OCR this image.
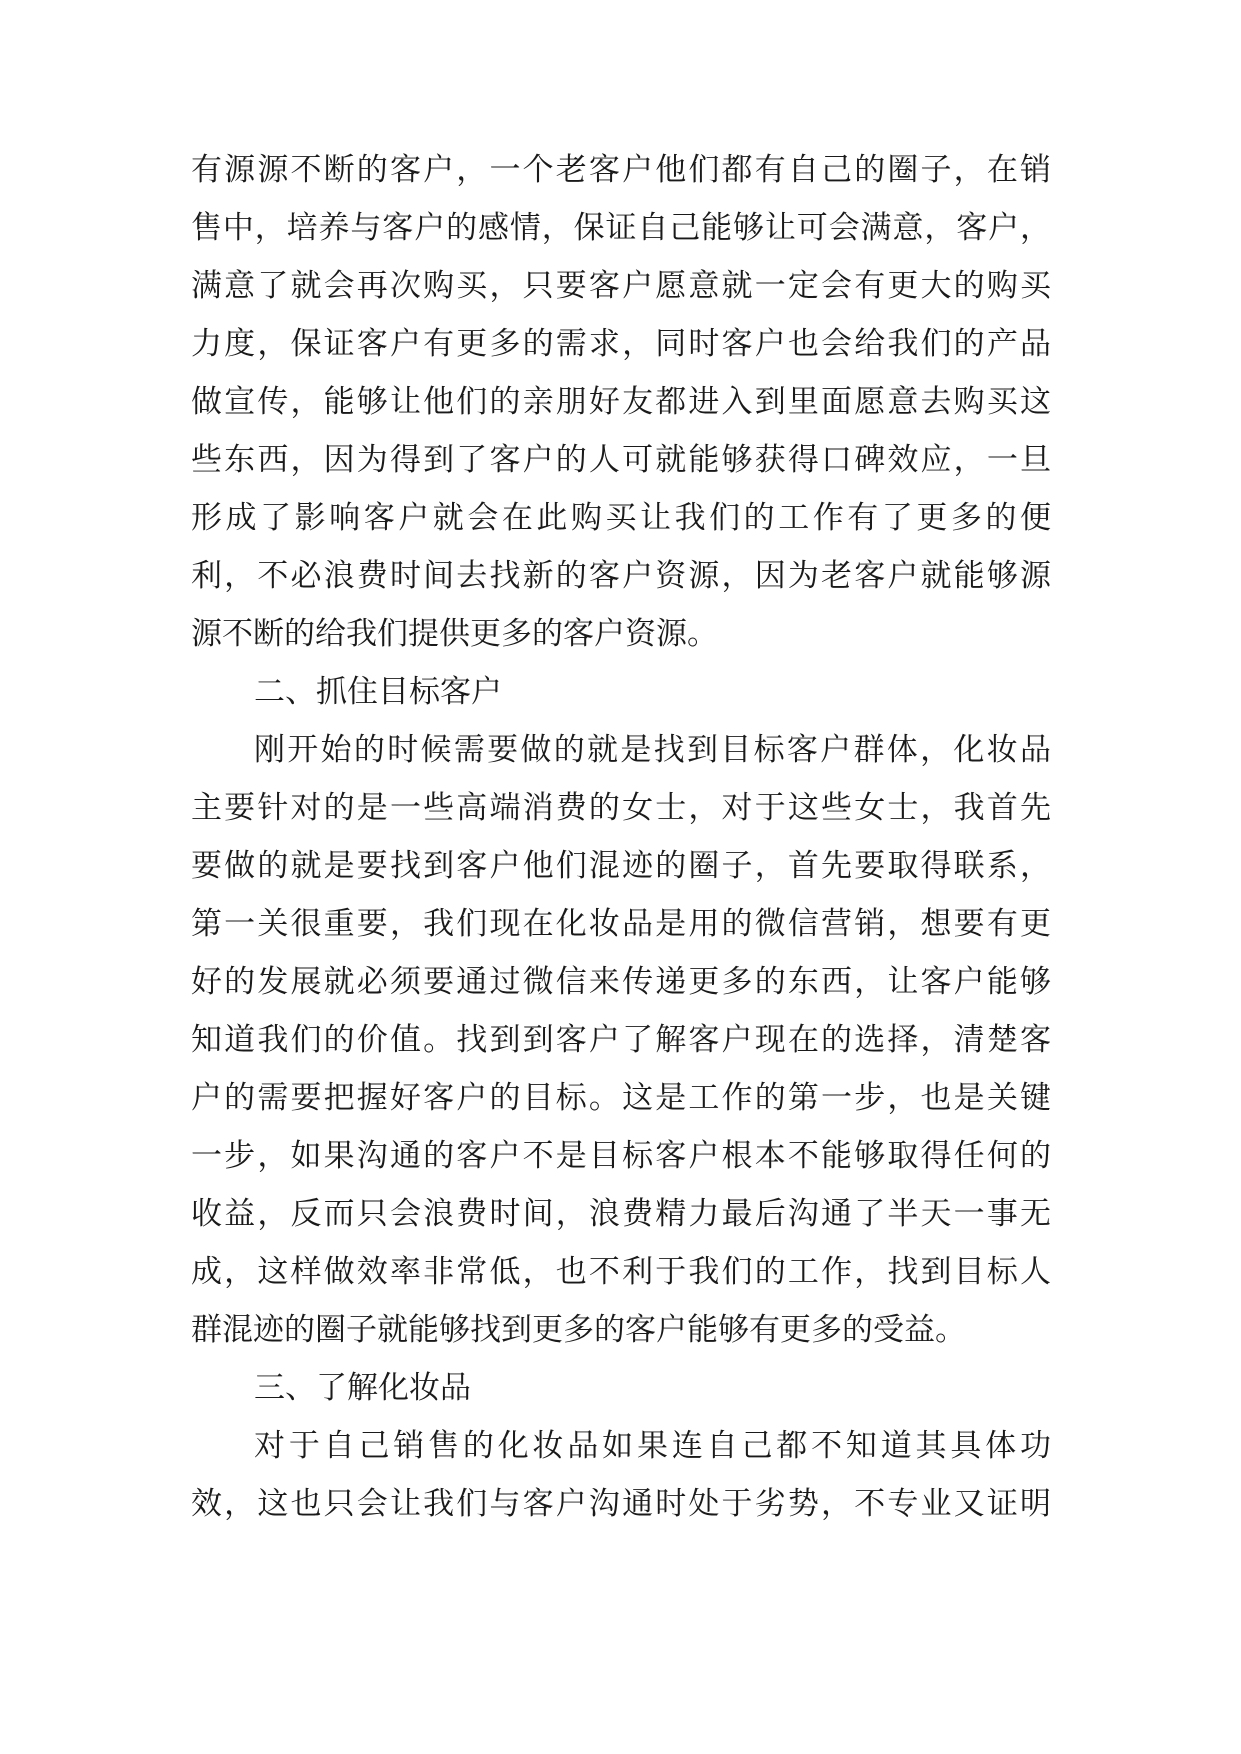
有源源不断的客户，一个老客户他们都有自己的圈子，在销
售中，培养与客户的感情，保证自己能够让可会满意，客户，
满意了就会再次购买，只要客户愿意就一定会有更大的购买
力度，保证客户有更多的需求，同时客户也会给我们的产品
做宣传，能够让他们的亲朋好友都进入到里面愿意去购买这
些东西，因为得到了客户的人可就能够获得口碑效应，一旦
形成了影响客户就会在此购买让我们的工作有了更多的便
利，不必浪费时间去找新的客户资源，因为老客户就能够源
源不断的给我们提供更多的客户资源。
二、抓住目标客户
刚开始的时候需要做的就是找到目标客户群体，化妆品
主要针对的是一些高端消费的女士，对于这些女士，我首先
要做的就是要找到客户他们混迹的圈子，首先要取得联系，
第一关很重要，我们现在化妆品是用的微信营销，想要有更
好的发展就必须要通过微信来传递更多的东西，让客户能够
知道我们的价值。找到到客户了解客户现在的选择，清楚客
户的需要把握好客户的目标。这是工作的第一步，也是关键
一步，如果沟通的客户不是目标客户根本不能够取得任何的
收益，反而只会浪费时间，浪费精力最后沟通了半天一事无
成，这样做效率非常低，也不利于我们的工作，找到目标人
群混迹的圈子就能够找到更多的客户能够有更多的受益。
三、了解化妆品
对于自己销售的化妆品如果连自己都不知道其具体功
效，这也只会让我们与客户沟通时处于劣势，不专业又证明
